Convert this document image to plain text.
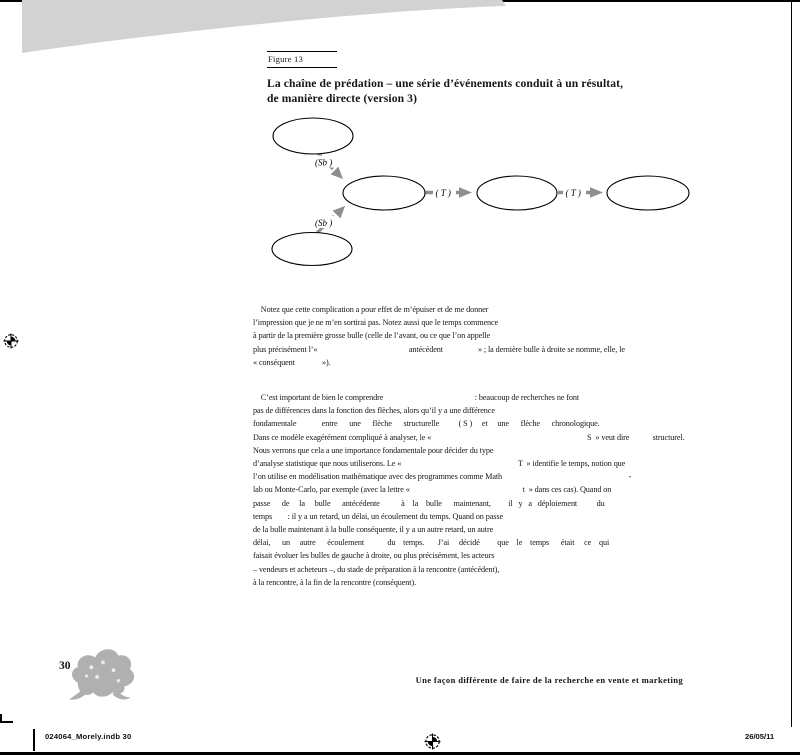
Figure 13
La chaîne de prédation – une série d’événements conduit à un résultat,
de manière directe (version 3)
(Sb )
(Sb )
( T )	( T )
Notez que cette complication a pour effet de m’épuiser et de me donner
l’impression que je ne m’en sortirai pas. Notez aussi que le temps commence
à partir de la première grosse bulle (celle de l’avant, ou ce que l’on appelle
plus précisément l’«                                               antécédent                  » ; la dernière bulle à droite se nomme, elle, le
« conséquent              »).
C’est important de bien le comprendre                                               : beaucoup de recherches ne font
pas de différences dans la fonction des flèches, alors qu’il y a une différence
fondamentale             entre      une      flèche      structurelle          ( S )     et     une      flèche      chronologique.
Dans ce modèle exagérément compliqué à analyser, le «                                                                                S  » veut dire            structurel.
Nous verrons que cela a une importance fondamentale pour décider du type
d’analyse statistique que nous utiliserons. Le «                                                            T  » identifie le temps, notion que
l’on utilise en modélisation mathématique avec des programmes comme Math                                                                 -
lab ou Monte-Carlo, par exemple (avec la lettre «                                                          t  » dans ces cas). Quand on
passe      de     la     bulle      antécédente           à    la    bulle      maintenant,         il   y   a   déploiement          du
temps        : il y a un retard, un délai, un écoulement du temps. Quand on passe
de la bulle maintenant à la bulle conséquente, il y a un autre retard, un autre
délai,      un     autre      écoulement            du    temps.       J’ai     décidé         que    le    temps      était     ce    qui
faisait évoluer les bulles de gauche à droite, ou plus précisément, les acteurs
– vendeurs et acheteurs –, du stade de préparation à la rencontre (antécédent),
à la rencontre, à la fin de la rencontre (conséquent).
30
Une façon différente de faire de la recherche en vente et marketing
024064_Morely.indb 30	26/05/11
